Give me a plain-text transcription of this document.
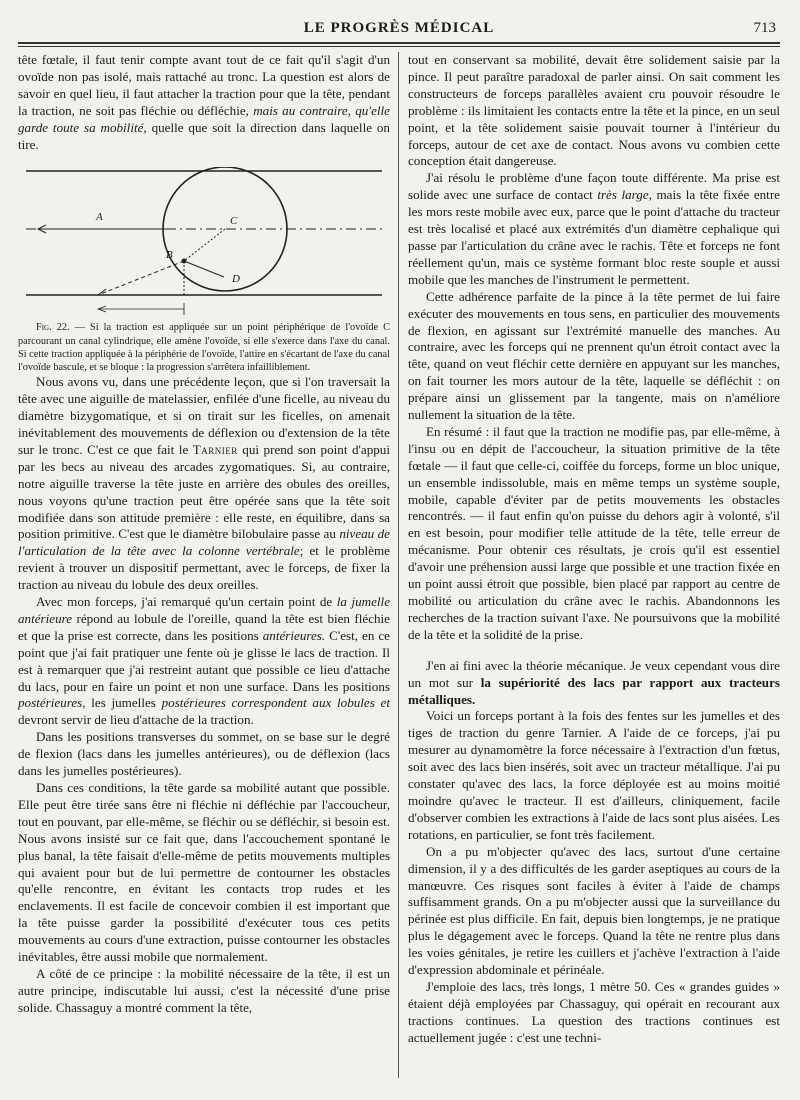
LE PROGRÈS MÉDICAL	713

tête fœtale, il faut tenir compte avant tout de ce fait qu'il s'agit d'un ovoïde non pas isolé, mais rattaché au tronc. La question est alors de savoir en quel lieu, il faut attacher la traction pour que la tête, pendant la traction, ne soit pas fléchie ou défléchie, mais au contraire, qu'elle garde toute sa mobilité, quelle que soit la direction dans laquelle on tire.

A	C
B
D

Fig. 22. — Si la traction est appliquée sur un point périphérique de l'ovoïde C parcourant un canal cylindrique, elle amène l'ovoïde, si elle s'exerce dans l'axe du canal. Si cette traction appliquée à la périphérie de l'ovoïde, l'attire en s'écartant de l'axe du canal l'ovoïde bascule, et se bloque : la progression s'arrêtera infailliblement.

Nous avons vu, dans une précédente leçon, que si l'on traversait la tête avec une aiguille de matelassier, enfilée d'une ficelle, au niveau du diamètre bizygomatique, et si on tirait sur les ficelles, on amenait inévitablement des mouvements de déflexion ou d'extension de la tête sur le tronc. C'est ce que fait le Tarnier qui prend son point d'appui par les becs au niveau des arcades zygomatiques. Si, au contraire, notre aiguille traverse la tête juste en arrière des obules des oreilles, nous voyons qu'une traction peut être opérée sans que la tête soit modifiée dans son attitude première : elle reste, en équilibre, dans sa position primitive. C'est que le diamètre bilobulaire passe au niveau de l'articulation de la tête avec la colonne vertébrale; et le problème revient à trouver un dispositif permettant, avec le forceps, de fixer la traction au niveau du lobule des deux oreilles.

Avec mon forceps, j'ai remarqué qu'un certain point de la jumelle antérieure répond au lobule de l'oreille, quand la tête est bien fléchie et que la prise est correcte, dans les positions antérieures. C'est, en ce point que j'ai fait pratiquer une fente où je glisse le lacs de traction. Il est à remarquer que j'ai restreint autant que possible ce lieu d'attache du lacs, pour en faire un point et non une surface. Dans les positions postérieures, les jumelles postérieures correspondent aux lobules et devront servir de lieu d'attache de la traction.

Dans les positions transverses du sommet, on se base sur le degré de flexion (lacs dans les jumelles antérieures), ou de déflexion (lacs dans les jumelles postérieures).

Dans ces conditions, la tête garde sa mobilité autant que possible. Elle peut être tirée sans être ni fléchie ni défléchie par l'accoucheur, tout en pouvant, par elle-même, se fléchir ou se défléchir, si besoin est. Nous avons insisté sur ce fait que, dans l'accouchement spontané le plus banal, la tête faisait d'elle-même de petits mouvements multiples qui avaient pour but de lui permettre de contourner les obstacles qu'elle rencontre, en évitant les contacts trop rudes et les enclavements. Il est facile de concevoir combien il est important que la tête puisse garder la possibilité d'exécuter tous ces petits mouvements au cours d'une extraction, puisse contourner les obstacles inévitables, être aussi mobile que normalement.

A côté de ce principe : la mobilité nécessaire de la tête, il est un autre principe, indiscutable lui aussi, c'est la nécessité d'une prise solide. Chassaguy a montré comment la tête,

tout en conservant sa mobilité, devait être solidement saisie par la pince. Il peut paraître paradoxal de parler ainsi. On sait comment les constructeurs de forceps parallèles avaient cru pouvoir résoudre le problème : ils limitaient les contacts entre la tête et la pince, en un seul point, et la tête solidement saisie pouvait tourner à l'intérieur du forceps, autour de cet axe de contact. Nous avons vu combien cette conception était dangereuse.

J'ai résolu le problème d'une façon toute différente. Ma prise est solide avec une surface de contact très large, mais la tête fixée entre les mors reste mobile avec eux, parce que le point d'attache du tracteur est très localisé et placé aux extrémités d'un diamètre cephalique qui passe par l'articulation du crâne avec le rachis. Tête et forceps ne font réellement qu'un, mais ce système formant bloc reste souple et aussi mobile que les manches de l'instrument le permettent.

Cette adhérence parfaite de la pince à la tête permet de lui faire exécuter des mouvements en tous sens, en particulier des mouvements de flexion, en agissant sur l'extrémité manuelle des manches. Au contraire, avec les forceps qui ne prennent qu'un étroit contact avec la tête, quand on veut fléchir cette dernière en appuyant sur les manches, on fait tourner les mors autour de la tête, laquelle se défléchit : on prépare ainsi un glissement par la tangente, mais on n'améliore nullement la situation de la tête.

En résumé : il faut que la traction ne modifie pas, par elle-même, à l'insu ou en dépit de l'accoucheur, la situation primitive de la tête fœtale — il faut que celle-ci, coiffée du forceps, forme un bloc unique, un ensemble indissoluble, mais en même temps un système souple, mobile, capable d'éviter par de petits mouvements les obstacles rencontrés. — il faut enfin qu'on puisse du dehors agir à volonté, s'il en est besoin, pour modifier telle attitude de la tête, telle erreur de mécanisme. Pour obtenir ces résultats, je crois qu'il est essentiel d'avoir une préhension aussi large que possible et une traction fixée en un point aussi étroit que possible, bien placé par rapport au centre de mobilité ou articulation du crâne avec le rachis. Abandonnons les recherches de la traction suivant l'axe. Ne poursuivons que la mobilité de la tête et la solidité de la prise.

J'en ai fini avec la théorie mécanique. Je veux cependant vous dire un mot sur la supériorité des lacs par rapport aux tracteurs métalliques.

Voici un forceps portant à la fois des fentes sur les jumelles et des tiges de traction du genre Tarnier. A l'aide de ce forceps, j'ai pu mesurer au dynamomètre la force nécessaire à l'extraction d'un fœtus, soit avec des lacs bien insérés, soit avec un tracteur métallique. J'ai pu constater qu'avec des lacs, la force déployée est au moins moitié moindre qu'avec le tracteur. Il est d'ailleurs, cliniquement, facile d'observer combien les extractions à l'aide de lacs sont plus aisées. Les rotations, en particulier, se font très facilement.

On a pu m'objecter qu'avec des lacs, surtout d'une certaine dimension, il y a des difficultés de les garder aseptiques au cours de la manœuvre. Ces risques sont faciles à éviter à l'aide de champs suffisamment grands. On a pu m'objecter aussi que la surveillance du périnée est plus difficile. En fait, depuis bien longtemps, je ne pratique plus le dégagement avec le forceps. Quand la tête ne rentre plus dans les voies génitales, je retire les cuillers et j'achève l'extraction à l'aide d'expression abdominale et périnéale.

J'emploie des lacs, très longs, 1 mètre 50. Ces « grandes guides » étaient déjà employées par Chassaguy, qui opérait en recourant aux tractions continues. La question des tractions continues est actuellement jugée : c'est une techni-
